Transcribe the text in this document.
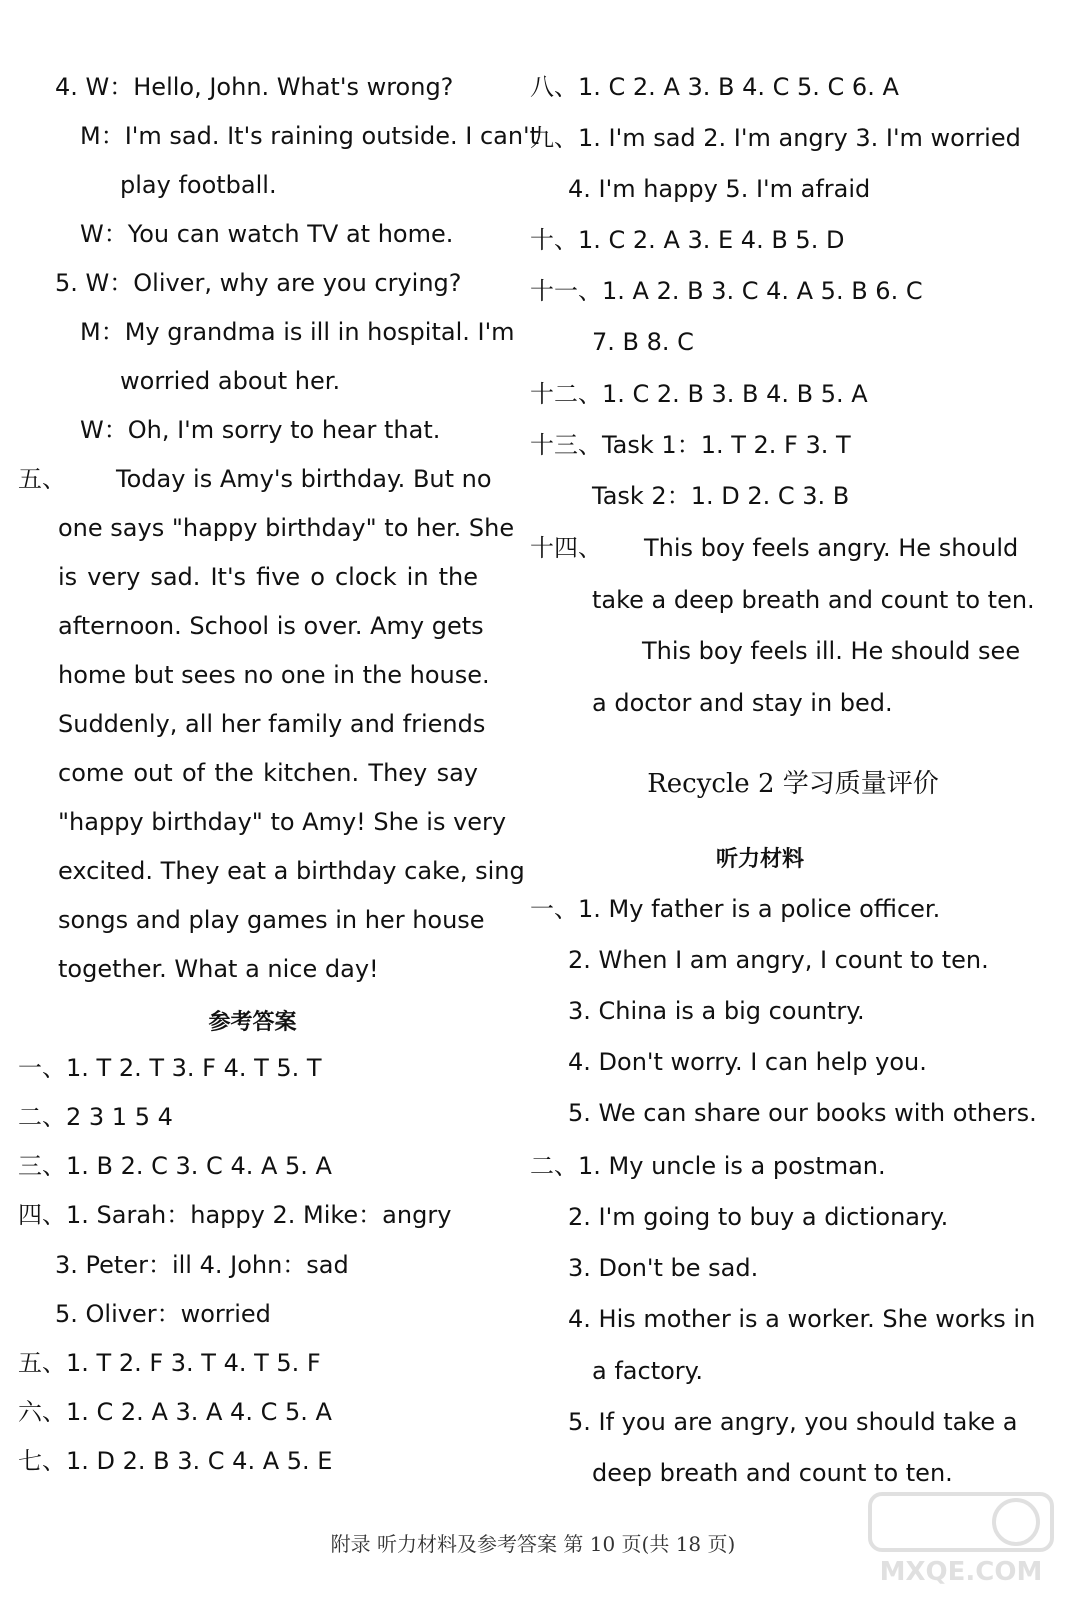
4. W：Hello, John. What's wrong?
M：I'm sad. It's raining outside. I can't
play football.
W：You can watch TV at home.
5. W：Oliver, why are you crying?
M：My grandma is ill in hospital. I'm
worried about her.
W：Oh, I'm sorry to hear that.
五、	Today is Amy's birthday. But no
one says "happy birthday" to her. She
is very sad. It's five o clock in the
afternoon. School is over. Amy gets
home but sees no one in the house.
Suddenly, all her family and friends
come out of the kitchen. They say
"happy birthday" to Amy! She is very
excited. They eat a birthday cake, sing
songs and play games in her house
together. What a nice day!
参考答案
一、1. T 2. T 3. F 4. T 5. T
二、2 3 1 5 4
三、1. B 2. C 3. C 4. A 5. A
四、1. Sarah：happy 2. Mike：angry
3. Peter：ill 4. John：sad
5. Oliver：worried
五、1. T 2. F 3. T 4. T 5. F
六、1. C 2. A 3. A 4. C 5. A
七、1. D 2. B 3. C 4. A 5. E
八、1. C 2. A 3. B 4. C 5. C 6. A
九、1. I'm sad 2. I'm angry 3. I'm worried
4. I'm happy 5. I'm afraid
十、1. C 2. A 3. E 4. B 5. D
十一、1. A 2. B 3. C 4. A 5. B 6. C
7. B 8. C
十二、1. C 2. B 3. B 4. B 5. A
十三、Task 1：1. T 2. F 3. T
Task 2：1. D 2. C 3. B
十四、 This boy feels angry. He should
take a deep breath and count to ten.
This boy feels ill. He should see
a doctor and stay in bed.
Recycle 2 学习质量评价
听力材料
一、1. My father is a police officer.
2. When I am angry, I count to ten.
3. China is a big country.
4. Don't worry. I can help you.
5. We can share our books with others.
二、1. My uncle is a postman.
2. I'm going to buy a dictionary.
3. Don't be sad.
4. His mother is a worker. She works in
a factory.
5. If you are angry, you should take a
deep breath and count to ten.
附录 听力材料及参考答案 第 10 页(共 18 页)
MXQE.COM
